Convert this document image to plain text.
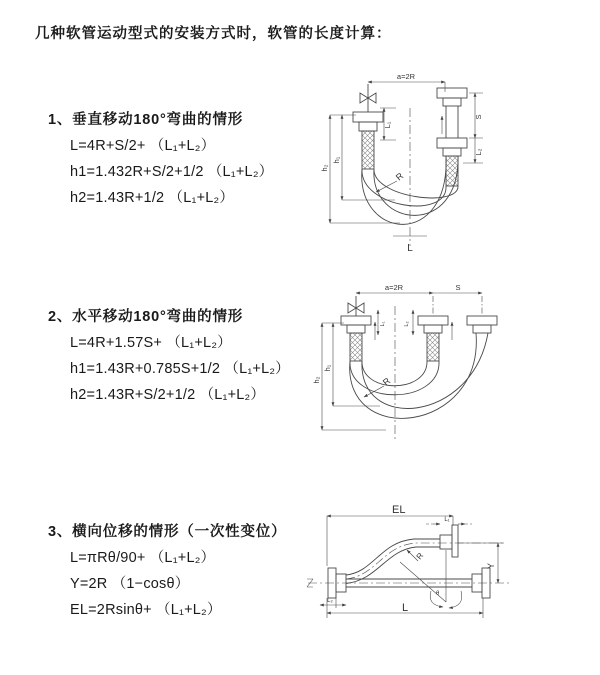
几种软管运动型式的安装方式时，软管的长度计算：
1、垂直移动180°弯曲的情形
L=4R+S/2+ （L₁+L₂）
h1=1.432R+S/2+1/2 （L₁+L₂）
h2=1.43R+1/2 （L₁+L₂）
2、水平移动180°弯曲的情形
L=4R+1.57S+ （L₁+L₂）
h1=1.43R+0.785S+1/2 （L₁+L₂）
h2=1.43R+S/2+1/2 （L₁+L₂）
3、横向位移的情形（一次性变位）
L=πRθ/90+ （L₁+L₂）
Y=2R （1−cosθ）
EL=2Rsinθ+ （L₁+L₂）
a=2R
h₂
h₁
L₁
S
L₂
R
L
a=2R	S
h₂
h₁
L₁	L₂
R
EL
L₁
Y
R
θ
L₂
L
